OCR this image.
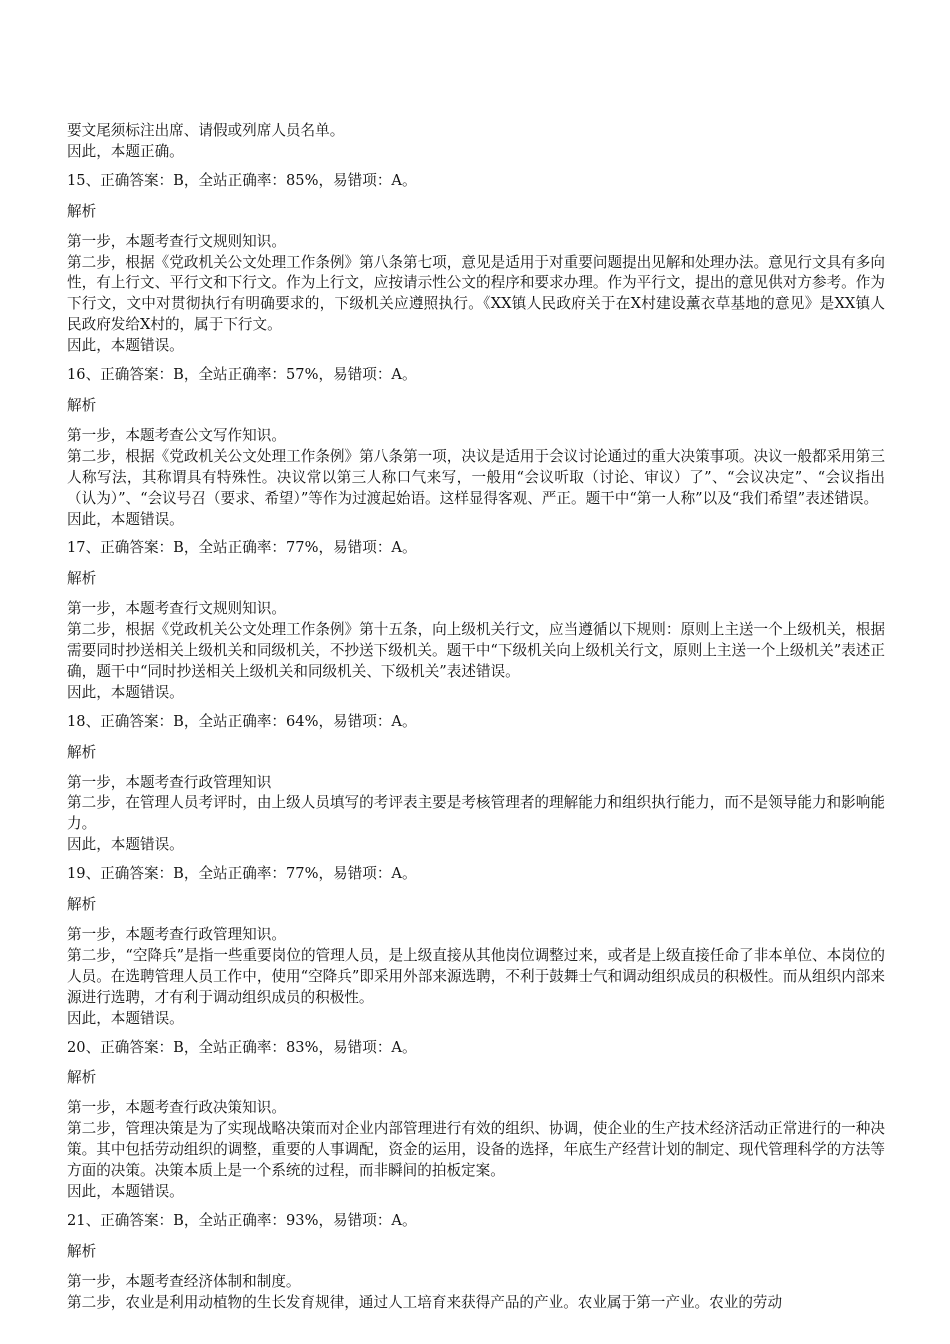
要文尾须标注出席、请假或列席人员名单。

因此，本题正确。

15、正确答案：B，全站正确率：85%，易错项：A。

解析

第一步，本题考查行文规则知识。

第二步，根据《党政机关公文处理工作条例》第八条第七项，意见是适用于对重要问题提出见解和处理办法。意见行文具有多向性，有上行文、平行文和下行文。作为上行文，应按请示性公文的程序和要求办理。作为平行文，提出的意见供对方参考。作为下行文，文中对贯彻执行有明确要求的，下级机关应遵照执行。《XX镇人民政府关于在X村建设薰衣草基地的意见》是XX镇人民政府发给X村的，属于下行文。

因此，本题错误。

16、正确答案：B，全站正确率：57%，易错项：A。

解析

第一步，本题考查公文写作知识。

第二步，根据《党政机关公文处理工作条例》第八条第一项，决议是适用于会议讨论通过的重大决策事项。决议一般都采用第三人称写法，其称谓具有特殊性。决议常以第三人称口气来写，一般用“会议听取（讨论、审议）了”、“会议决定”、“会议指出（认为）”、“会议号召（要求、希望）”等作为过渡起始语。这样显得客观、严正。题干中“第一人称”以及“我们希望”表述错误。

因此，本题错误。

17、正确答案：B，全站正确率：77%，易错项：A。

解析

第一步，本题考查行文规则知识。

第二步，根据《党政机关公文处理工作条例》第十五条，向上级机关行文，应当遵循以下规则：原则上主送一个上级机关，根据需要同时抄送相关上级机关和同级机关，不抄送下级机关。题干中“下级机关向上级机关行文，原则上主送一个上级机关”表述正确，题干中“同时抄送相关上级机关和同级机关、下级机关”表述错误。

因此，本题错误。

18、正确答案：B，全站正确率：64%，易错项：A。

解析

第一步，本题考查行政管理知识

第二步，在管理人员考评时，由上级人员填写的考评表主要是考核管理者的理解能力和组织执行能力，而不是领导能力和影响能力。

因此，本题错误。

19、正确答案：B，全站正确率：77%，易错项：A。

解析

第一步，本题考查行政管理知识。

第二步，“空降兵”是指一些重要岗位的管理人员，是上级直接从其他岗位调整过来，或者是上级直接任命了非本单位、本岗位的人员。在选聘管理人员工作中，使用“空降兵”即采用外部来源选聘，不利于鼓舞士气和调动组织成员的积极性。而从组织内部来源进行选聘，才有利于调动组织成员的积极性。

因此，本题错误。

20、正确答案：B，全站正确率：83%，易错项：A。

解析

第一步，本题考查行政决策知识。

第二步，管理决策是为了实现战略决策而对企业内部管理进行有效的组织、协调，使企业的生产技术经济活动正常进行的一种决策。其中包括劳动组织的调整，重要的人事调配，资金的运用，设备的选择，年底生产经营计划的制定、现代管理科学的方法等方面的决策。决策本质上是一个系统的过程，而非瞬间的拍板定案。

因此，本题错误。

21、正确答案：B，全站正确率：93%，易错项：A。

解析

第一步，本题考查经济体制和制度。

第二步，农业是利用动植物的生长发育规律，通过人工培育来获得产品的产业。农业属于第一产业。农业的劳动
